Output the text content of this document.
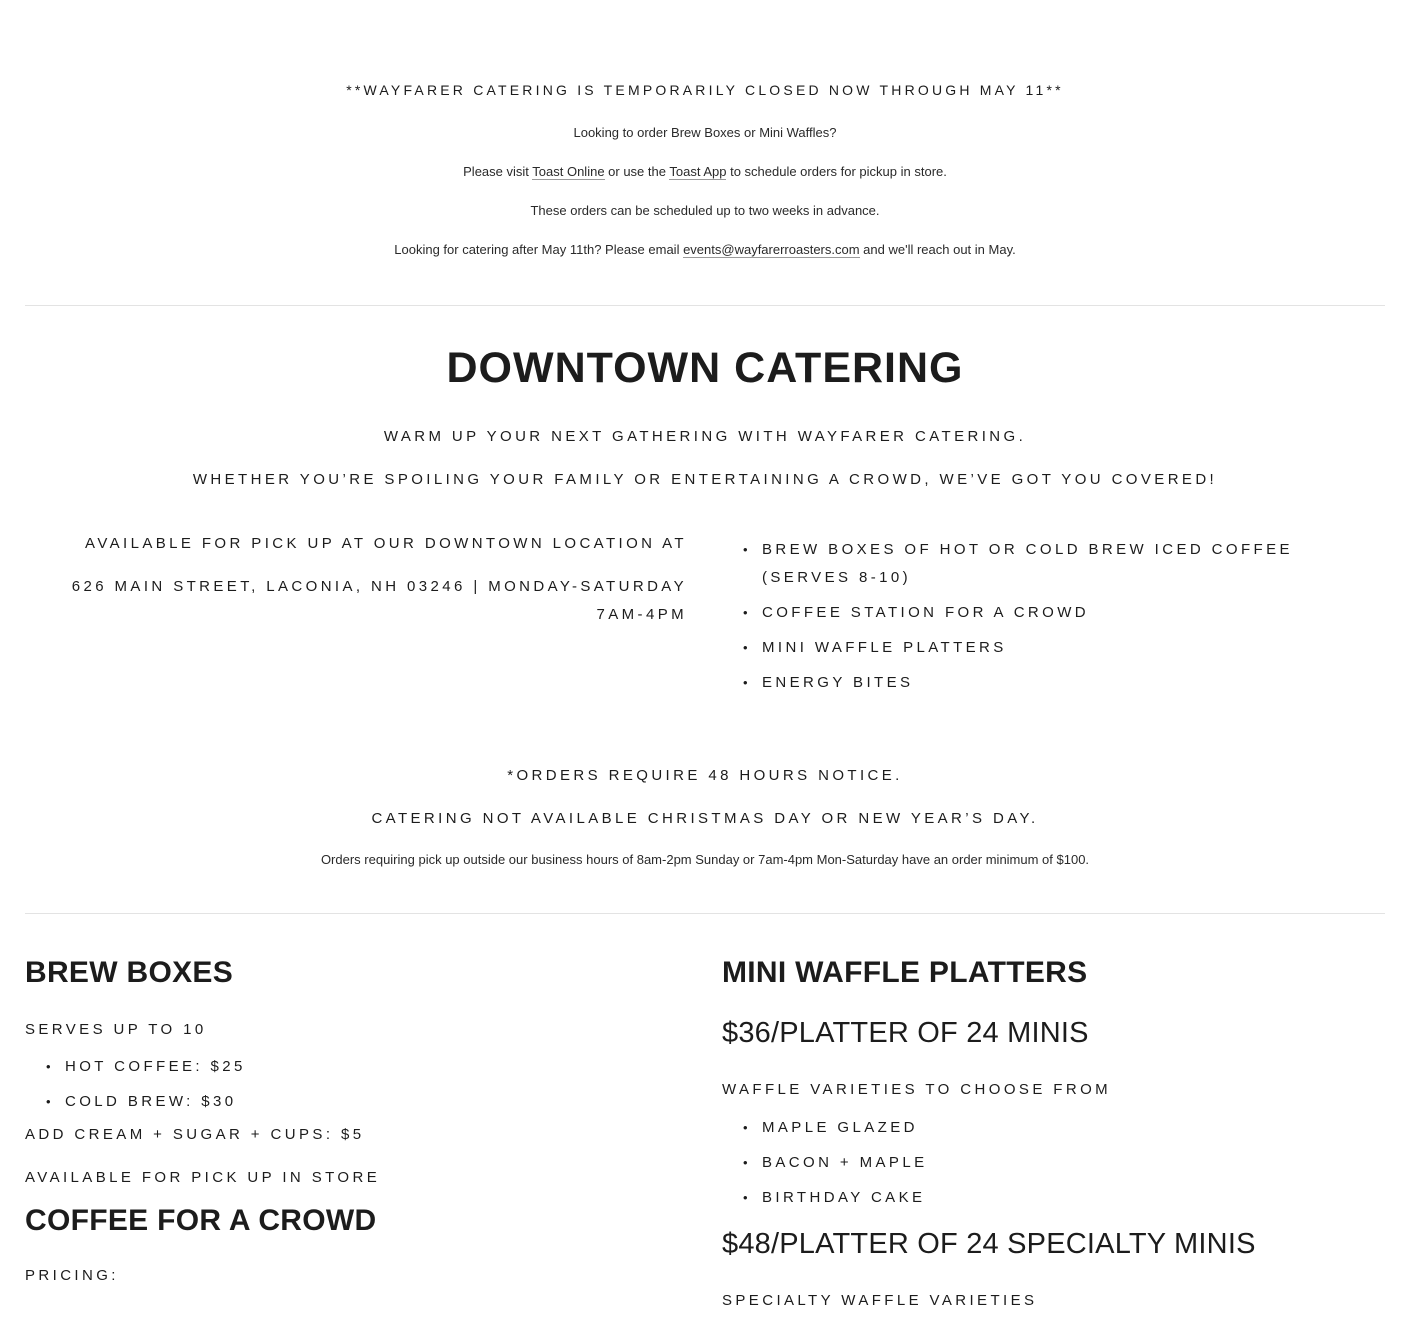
**WAYFARER CATERING IS TEMPORARILY CLOSED NOW THROUGH MAY 11**

Looking to order Brew Boxes or Mini Waffles?

Please visit Toast Online or use the Toast App to schedule orders for pickup in store.

These orders can be scheduled up to two weeks in advance.

Looking for catering after May 11th? Please email events@wayfarerroasters.com and we'll reach out in May.

DOWNTOWN CATERING

WARM UP YOUR NEXT GATHERING WITH WAYFARER CATERING.

WHETHER YOU’RE SPOILING YOUR FAMILY OR ENTERTAINING A CROWD, WE’VE GOT YOU COVERED!

AVAILABLE FOR PICK UP AT OUR DOWNTOWN LOCATION AT

626 MAIN STREET, LACONIA, NH 03246 | MONDAY-SATURDAY 7AM-4PM

• BREW BOXES OF HOT OR COLD BREW ICED COFFEE (SERVES 8-10)
• COFFEE STATION FOR A CROWD
• MINI WAFFLE PLATTERS
• ENERGY BITES

*ORDERS REQUIRE 48 HOURS NOTICE.

CATERING NOT AVAILABLE CHRISTMAS DAY OR NEW YEAR’S DAY.

Orders requiring pick up outside our business hours of 8am-2pm Sunday or 7am-4pm Mon-Saturday have an order minimum of $100.

BREW BOXES

SERVES UP TO 10

• HOT COFFEE: $25
• COLD BREW: $30

ADD CREAM + SUGAR + CUPS: $5

AVAILABLE FOR PICK UP IN STORE

COFFEE FOR A CROWD

PRICING:

MINI WAFFLE PLATTERS
$36/PLATTER OF 24 MINIS

WAFFLE VARIETIES TO CHOOSE FROM

• MAPLE GLAZED
• BACON + MAPLE
• BIRTHDAY CAKE
$48/PLATTER OF 24 SPECIALTY MINIS

SPECIALTY WAFFLE VARIETIES
